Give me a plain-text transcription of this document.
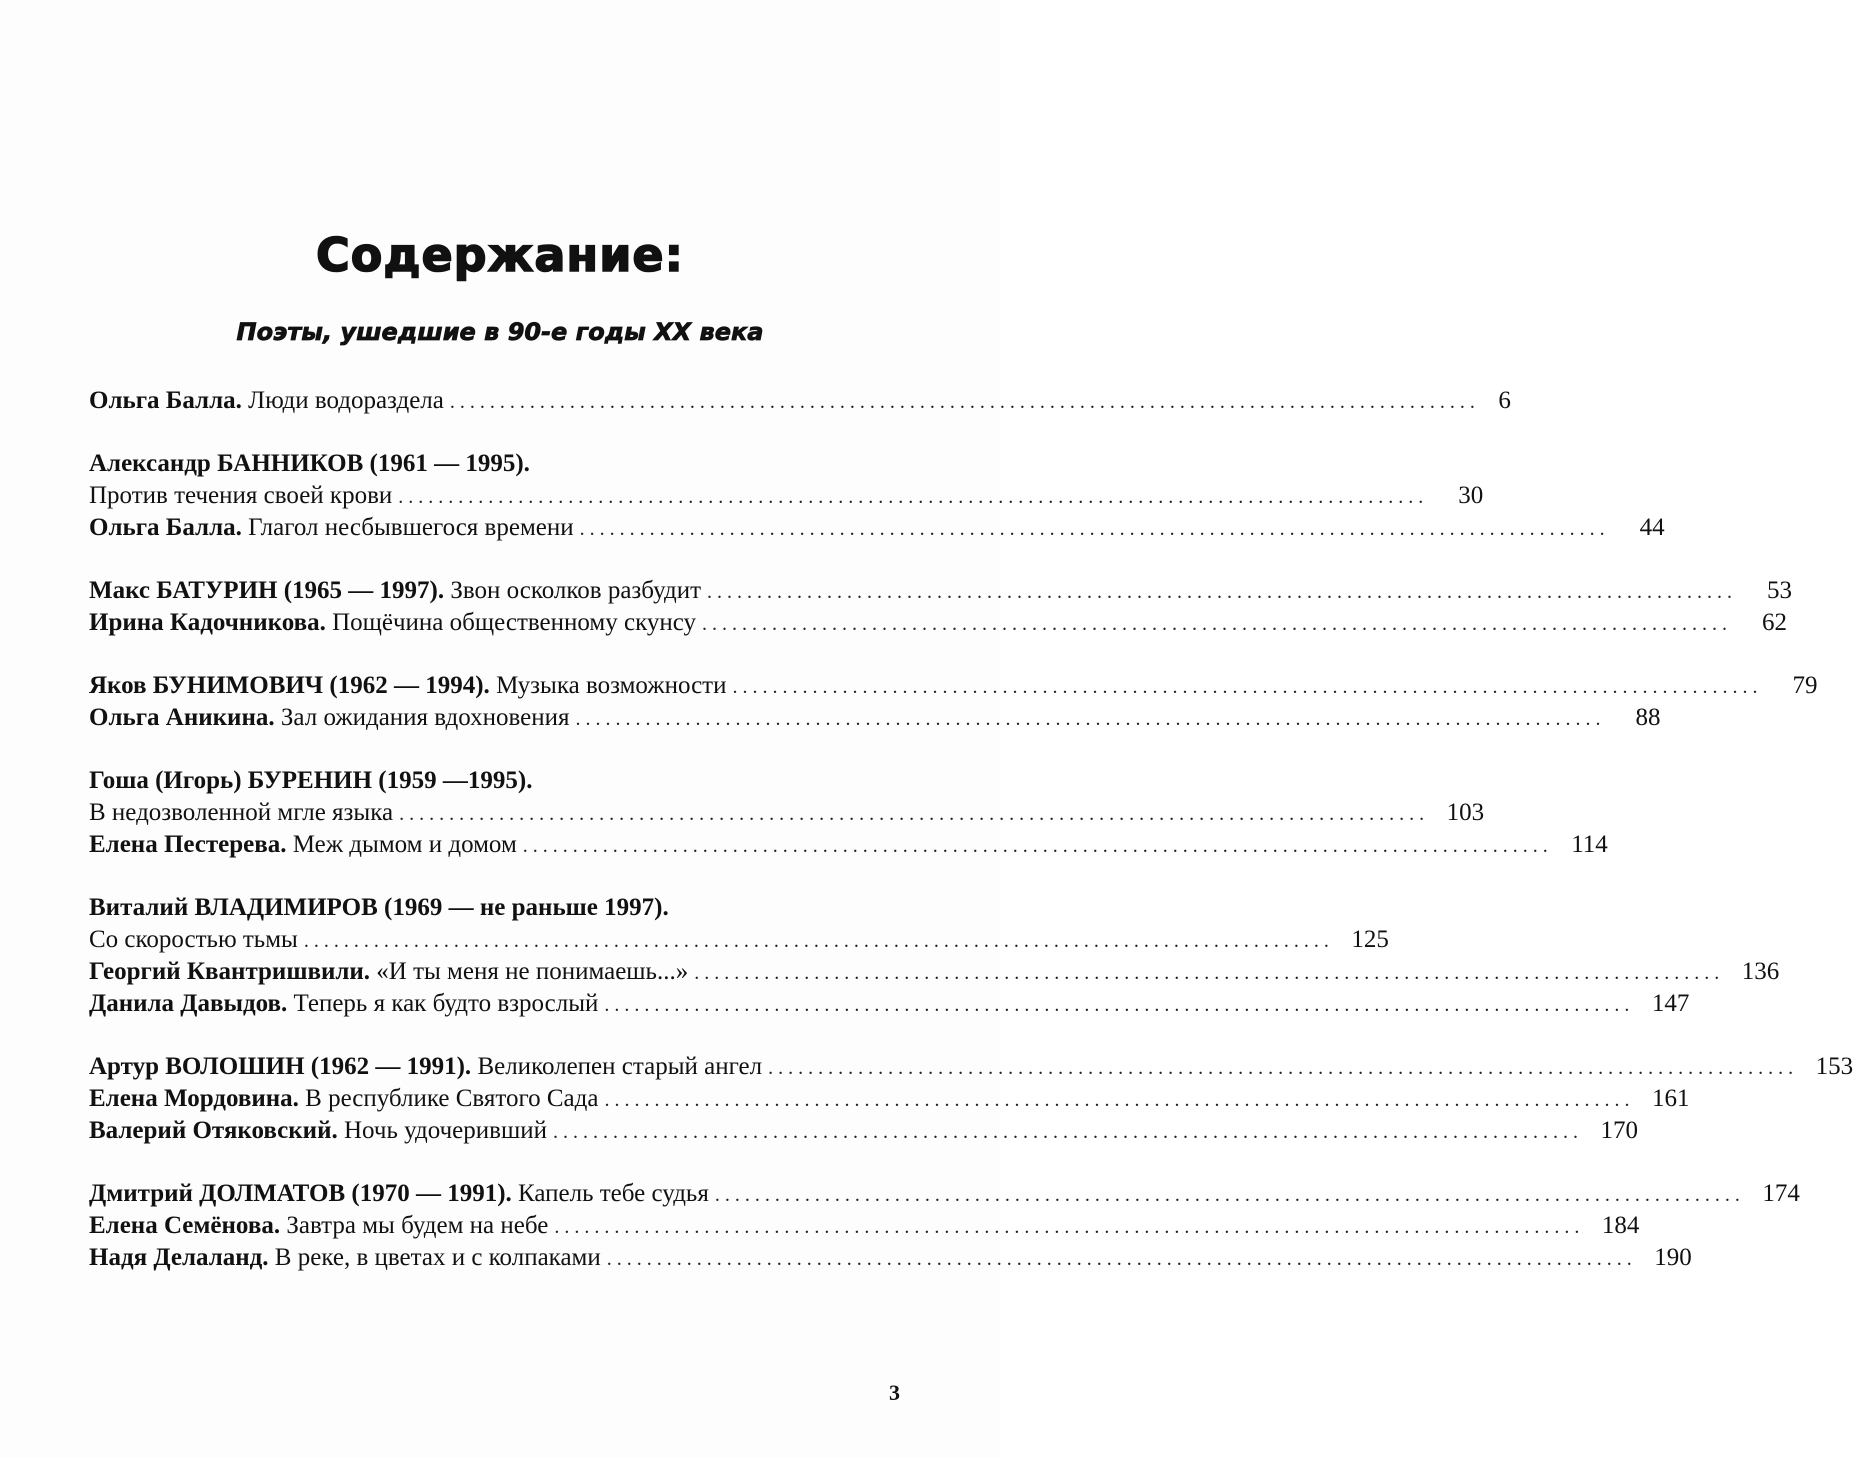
Содержание:
Поэты, ушедшие в 90-е годы XX века
Ольга Балла. Люди водораздела . . .	6
Александр БАННИКОВ (1961 — 1995).
Против течения своей крови . . .	30
Ольга Балла. Глагол несбывшегося времени . . .	44
Макс БАТУРИН (1965 — 1997). Звон осколков разбудит . . .	53
Ирина Кадочникова. Пощёчина общественному скунсу . . .	62
Яков БУНИМОВИЧ (1962 — 1994). Музыка возможности . . .	79
Ольга Аникина. Зал ожидания вдохновения . . .	88
Гоша (Игорь) БУРЕНИН (1959 —1995).
В недозволенной мгле языка . . .	103
Елена Пестерева. Меж дымом и домом . . .	114
Виталий ВЛАДИМИРОВ (1969 — не раньше 1997).
Со скоростью тьмы . . .	125
Георгий Квантришвили. «И ты меня не понимаешь...» . . .	136
Данила Давыдов. Теперь я как будто взрослый . . .	147
Артур ВОЛОШИН (1962 — 1991). Великолепен старый ангел . . .	153
Елена Мордовина. В республике Святого Сада . . .	161
Валерий Отяковский. Ночь удочеривший . . .	170
Дмитрий ДОЛМАТОВ (1970 — 1991). Капель тебе судья . . .	174
Елена Семёнова. Завтра мы будем на небе . . .	184
Надя Делаланд. В реке, в цветах и с колпаками . . .	190
3
